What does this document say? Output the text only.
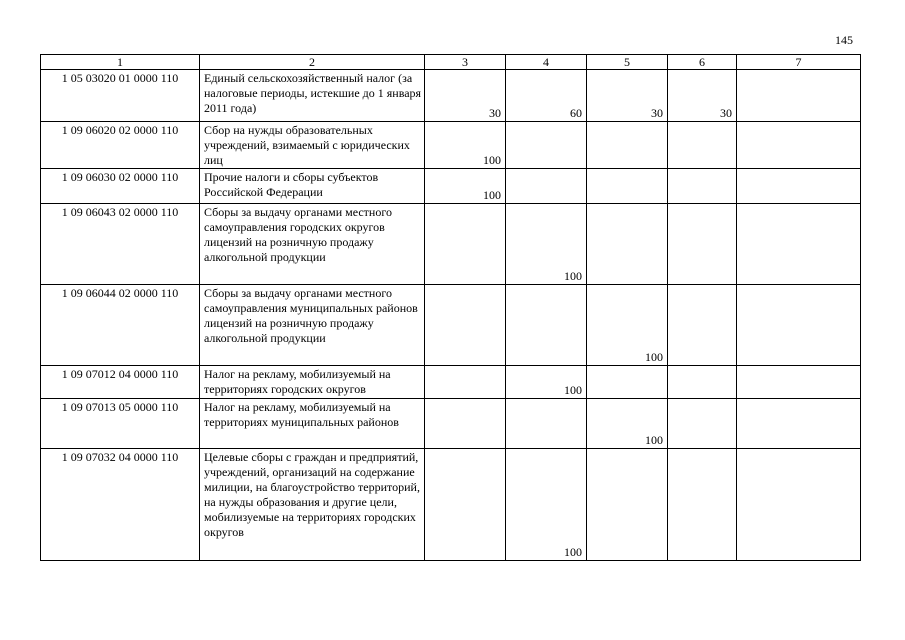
145
1	2	3	4	5	6	7
1 05 03020 01 0000 110	Единый сельскохозяйственный налог (за налоговые периоды, истекшие до 1 января 2011 года)	30	60	30	30	
1 09 06020 02 0000 110	Сбор на нужды образовательных учреждений, взимаемый с юридических лиц	100				
1 09 06030 02 0000 110	Прочие налоги и сборы субъектов Российской Федерации	100				
1 09 06043 02 0000 110	Сборы за выдачу органами местного самоуправления городских округов лицензий на розничную продажу алкогольной продукции		100			
1 09 06044 02 0000 110	Сборы за выдачу органами местного самоуправления муниципальных районов лицензий на розничную продажу алкогольной продукции			100		
1 09 07012 04 0000 110	Налог на рекламу, мобилизуемый на территориях городских округов		100			
1 09 07013 05 0000 110	Налог на рекламу, мобилизуемый на территориях муниципальных районов			100		
1 09 07032 04 0000 110	Целевые сборы с граждан и предприятий, учреждений, организаций на содержание милиции, на благоустройство территорий, на нужды образования и другие цели, мобилизуемые на территориях городских округов		100			
